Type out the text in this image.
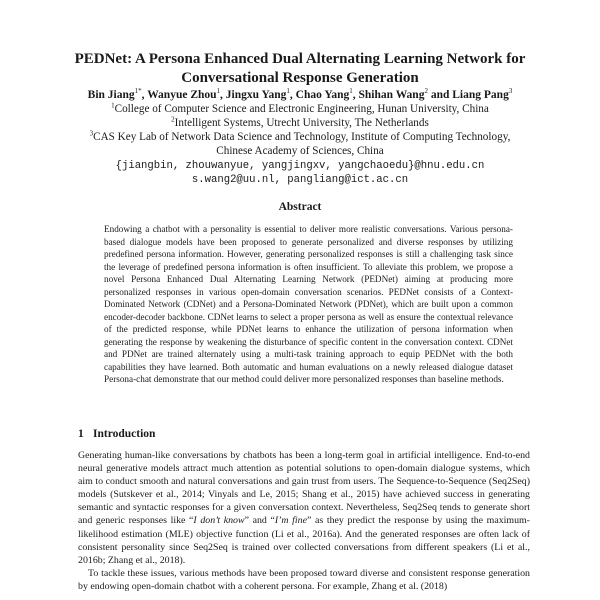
PEDNet: A Persona Enhanced Dual Alternating Learning Network for Conversational Response Generation
Bin Jiang$^{1*}$, Wanyue Zhou$^1$, Jingxu Yang$^1$, Chao Yang$^1$, Shihan Wang$^2$ and Liang Pang$^3$
$^1$College of Computer Science and Electronic Engineering, Hunan University, China
$^2$Intelligent Systems, Utrecht University, The Netherlands
$^3$CAS Key Lab of Network Data Science and Technology, Institute of Computing Technology,
Chinese Academy of Sciences, China
{jiangbin, zhouwanyue, yangjingxv, yangchaoedu}@hnu.edu.cn
s.wang2@uu.nl, pangliang@ict.ac.cn
Abstract

Endowing a chatbot with a personality is essential to deliver more realistic conversations. Various persona-based dialogue models have been proposed to generate personalized and diverse responses by utilizing predefined persona information. However, generating personalized responses is still a challenging task since the leverage of predefined persona information is often insufficient. To alleviate this problem, we propose a novel Persona Enhanced Dual Alternating Learning Network (PEDNet) aiming at producing more personalized responses in various open-domain conversation scenarios. PEDNet consists of a Context-Dominated Network (CDNet) and a Persona-Dominated Network (PDNet), which are built upon a common encoder-decoder backbone. CDNet learns to select a proper persona as well as ensure the contextual relevance of the predicted response, while PDNet learns to enhance the utilization of persona information when generating the response by weakening the disturbance of specific content in the conversation context. CDNet and PDNet are trained alternately using a multi-task training approach to equip PEDNet with the both capabilities they have learned. Both automatic and human evaluations on a newly released dialogue dataset Persona-chat demonstrate that our method could deliver more personalized responses than baseline methods.

1 Introduction

Generating human-like conversations by chatbots has been a long-term goal in artificial intelligence. End-to-end neural generative models attract much attention as potential solutions to open-domain dialogue systems, which aim to conduct smooth and natural conversations and gain trust from users. The Sequence-to-Sequence (Seq2Seq) models (Sutskever et al., 2014; Vinyals and Le, 2015; Shang et al., 2015) have achieved success in generating semantic and syntactic responses for a given conversation context. Nevertheless, Seq2Seq tends to generate short and generic responses like “I don’t know” and “I’m fine” as they predict the response by using the maximum-likelihood estimation (MLE) objective function (Li et al., 2016a). And the generated responses are often lack of consistent personality since Seq2Seq is trained over collected conversations from different speakers (Li et al., 2016b; Zhang et al., 2018).

To tackle these issues, various methods have been proposed toward diverse and consistent response generation by endowing open-domain chatbot with a coherent persona. For example, Zhang et al. (2018)
